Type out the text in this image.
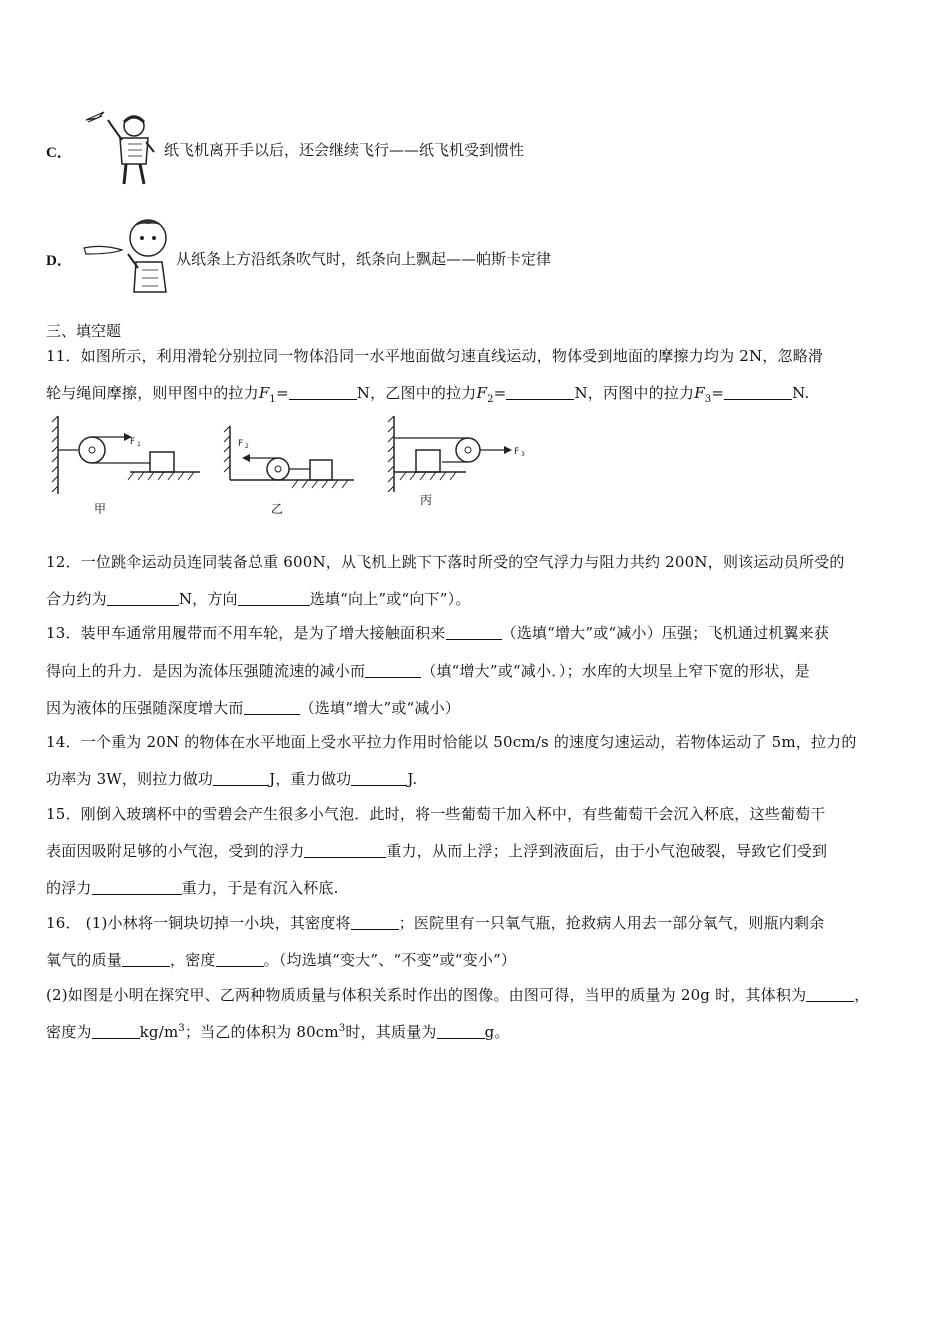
C．	纸飞机离开手以后，还会继续飞行——纸飞机受到惯性
D．	从纸条上方沿纸条吹气时，纸条向上飘起——帕斯卡定律
三、填空题
11．如图所示，利用滑轮分别拉同一物体沿同一水平地面做匀速直线运动，物体受到地面的摩擦力均为 2N，忽略滑
轮与绳间摩擦，则甲图中的拉力$F_1=$	N，乙图中的拉力$F_2=$	N，丙图中的拉力$F_3=$	N.
F 1
甲
F 2
乙
F 3
丙
12．一位跳伞运动员连同装备总重 600N，从飞机上跳下下落时所受的空气浮力与阻力共约 200N，则该运动员所受的
合力约为	N，方向	选填“向上”或“向下”）。
13．装甲车通常用履带而不用车轮，是为了增大接触面积来	（选填“增大”或“减小）压强；飞机通过机翼来获
得向上的升力．是因为流体压强随流速的减小而	（填“增大”或“减小．）；水库的大坝呈上窄下宽的形状，是
因为液体的压强随深度增大而	（选填“增大”或“减小）
14．一个重为 20N 的物体在水平地面上受水平拉力作用时恰能以 50cm/s 的速度匀速运动，若物体运动了 5m，拉力的
功率为 3W，则拉力做功	J，重力做功	J.
15．刚倒入玻璃杯中的雪碧会产生很多小气泡．此时，将一些葡萄干加入杯中，有些葡萄干会沉入杯底，这些葡萄干
表面因吸附足够的小气泡，受到的浮力	重力，从而上浮；上浮到液面后，由于小气泡破裂，导致它们受到
的浮力	重力，于是有沉入杯底.
16． (1)小林将一铜块切掉一小块，其密度将	；医院里有一只氧气瓶，抢救病人用去一部分氧气，则瓶内剩余
氧气的质量	，密度	。（均选填“变大”、“不变”或“变小”）
(2)如图是小明在探究甲、乙两种物质质量与体积关系时作出的图像。由图可得，当甲的质量为 20g 时，其体积为	，
密度为	$kg/m^3$；当乙的体积为 $80cm^3$时，其质量为	g。
